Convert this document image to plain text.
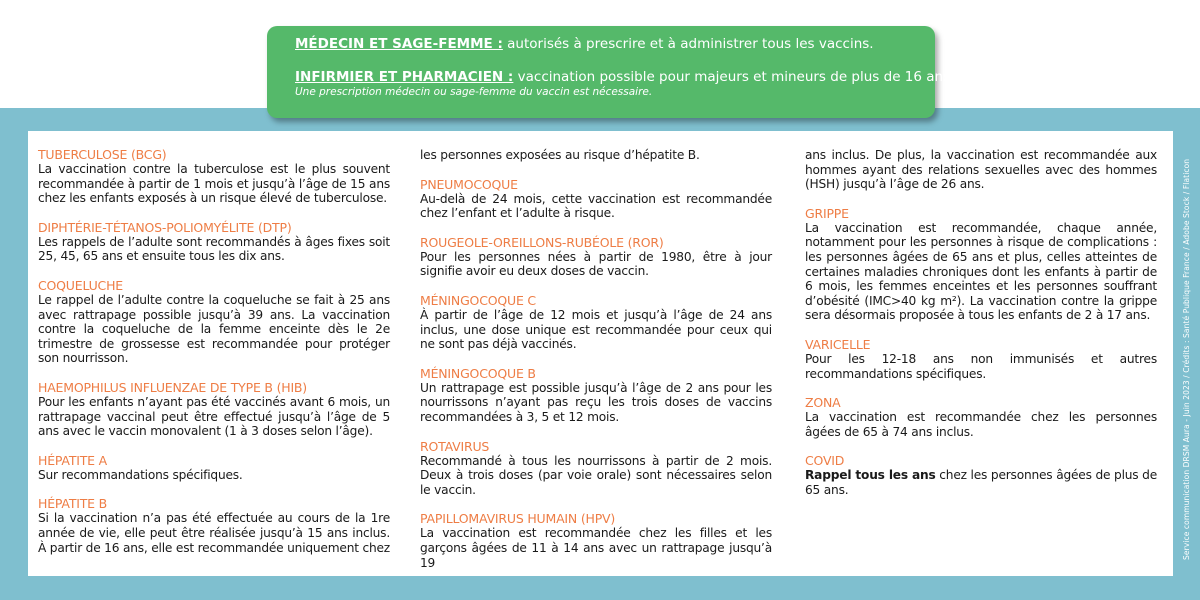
MÉDECIN ET SAGE-FEMME : autorisés à prescrire et à administrer tous les vaccins.
INFIRMIER ET PHARMACIEN : vaccination possible pour majeurs et mineurs de plus de 16 ans.
Une prescription médecin ou sage-femme du vaccin est nécessaire.
TUBERCULOSE (BCG)
La vaccination contre la tuberculose est le plus souvent recommandée à partir de 1 mois et jusqu’à l’âge de 15 ans chez les enfants exposés à un risque élevé de tuberculose.
DIPHTÉRIE-TÉTANOS-POLIOMYÉLITE (DTP)
Les rappels de l’adulte sont recommandés à âges fixes soit 25, 45, 65 ans et ensuite tous les dix ans.
COQUELUCHE
Le rappel de l’adulte contre la coqueluche se fait à 25 ans avec rattrapage possible jusqu’à 39 ans. La vaccination contre la coqueluche de la femme enceinte dès le 2e trimestre de grossesse est recommandée pour protéger son nourrisson.
HAEMOPHILUS INFLUENZAE DE TYPE B (HIB)
Pour les enfants n’ayant pas été vaccinés avant 6 mois, un rattrapage vaccinal peut être effectué jusqu’à l’âge de 5 ans avec le vaccin monovalent (1 à 3 doses selon l’âge).
HÉPATITE A
Sur recommandations spécifiques.
HÉPATITE B
Si la vaccination n’a pas été effectuée au cours de la 1re année de vie, elle peut être réalisée jusqu’à 15 ans inclus. À partir de 16 ans, elle est recommandée uniquement chez
les personnes exposées au risque d’hépatite B.
PNEUMOCOQUE
Au-delà de 24 mois, cette vaccination est recommandée chez l’enfant et l’adulte à risque.
ROUGEOLE-OREILLONS-RUBÉOLE (ROR)
Pour les personnes nées à partir de 1980, être à jour signifie avoir eu deux doses de vaccin.
MÉNINGOCOQUE C
À partir de l’âge de 12 mois et jusqu’à l’âge de 24 ans inclus, une dose unique est recommandée pour ceux qui ne sont pas déjà vaccinés.
MÉNINGOCOQUE B
Un rattrapage est possible jusqu’à l’âge de 2 ans pour les nourrissons n’ayant pas reçu les trois doses de vaccins recommandées à 3, 5 et 12 mois.
ROTAVIRUS
Recommandé à tous les nourrissons à partir de 2 mois. Deux à trois doses (par voie orale) sont nécessaires selon le vaccin.
PAPILLOMAVIRUS HUMAIN (HPV)
La vaccination est recommandée chez les filles et les garçons âgées de 11 à 14 ans avec un rattrapage jusqu’à 19
ans inclus. De plus, la vaccination est recommandée aux hommes ayant des relations sexuelles avec des hommes (HSH) jusqu’à l’âge de 26 ans.
GRIPPE
La vaccination est recommandée, chaque année, notamment pour les personnes à risque de complications : les personnes âgées de 65 ans et plus, celles atteintes de certaines maladies chroniques dont les enfants à partir de 6 mois, les femmes enceintes et les personnes souffrant d’obésité (IMC>40 kg m²). La vaccination contre la grippe sera désormais proposée à tous les enfants de 2 à 17 ans.
VARICELLE
Pour les 12-18 ans non immunisés et autres recommandations spécifiques.
ZONA
La vaccination est recommandée chez les personnes âgées de 65 à 74 ans inclus.
COVID
Rappel tous les ans chez les personnes âgées de plus de 65 ans.	Service communication DRSM Aura - Juin 2023 / Crédits : Santé Publique France / Adobe Stock / Flaticon
